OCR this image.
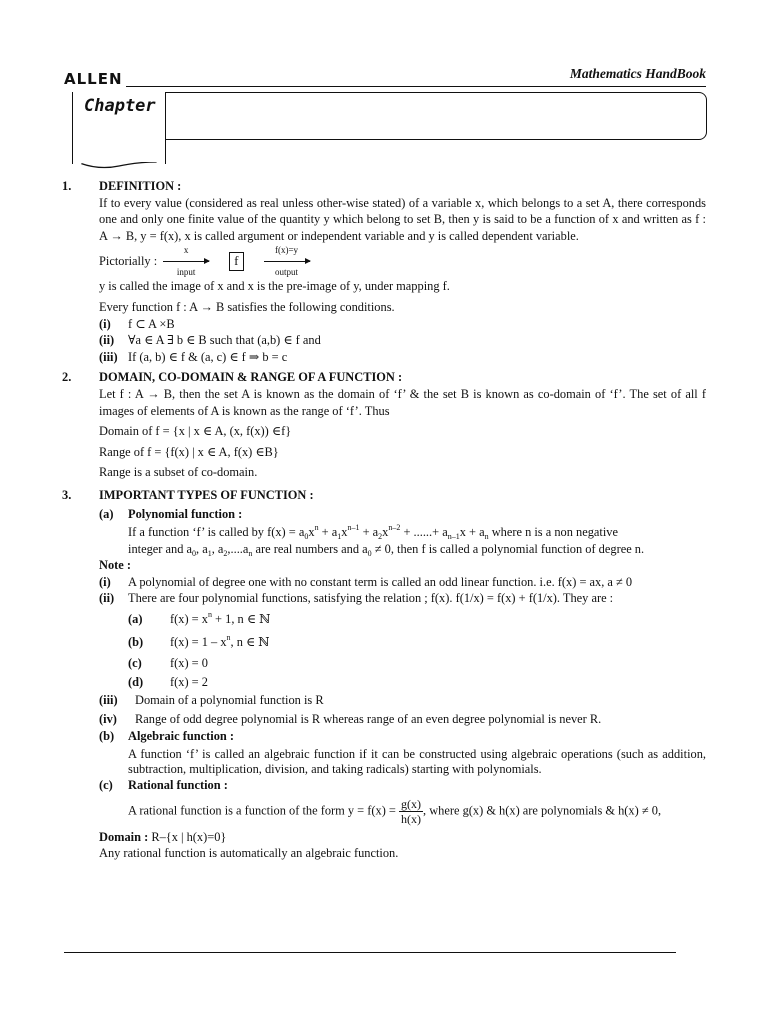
ALLEN	Mathematics HandBook
Chapter
1.	DEFINITION :
If to every value (considered as real unless other-wise stated) of a variable x, which belongs to a set A, there corresponds one and only one finite value of the quantity y which belong to set B, then y is said to be a function of x and written as f : A → B, y = f(x), x is called argument or independent variable and y is called dependent variable.
Pictorially :
x
input
f
f(x)=y
output
y is called the image of x and x is the pre-image of y, under mapping f.
Every function f : A → B satisfies the following conditions.
(i)	f ⊂ A ×B
(ii)	∀a ∈ A ∃ b ∈ B such that (a,b) ∈ f and
(iii) If (a, b) ∈ f & (a, c) ∈ f ⇒ b = c
2.	DOMAIN, CO-DOMAIN & RANGE OF A FUNCTION :
Let f : A → B, then the set A is known as the domain of ‘f’ & the set B is known as co-domain of ‘f’. The set of all f images of elements of A is known as the range of ‘f’. Thus
Domain of f = {x | x ∈ A, (x, f(x)) ∈f}
Range of f = {f(x) | x ∈ A, f(x) ∈B}
Range is a subset of co-domain.
3.	IMPORTANT TYPES OF FUNCTION :
(a)	Polynomial function :
If a function ‘f’ is called by $f(x) = a_0x^n + a_1x^{n-1} + a_2x^{n-2}$ + ......+ $a_{n-1}x + a_n$ where n is a non negative
integer and $a_0$, $a_1$, $a_2,....a_n$ are real numbers and $a_0 \ne 0$, then f is called a polynomial function of degree n.
Note :
(i)	A polynomial of degree one with no constant term is called an odd linear function. i.e. f(x) = ax, a ≠ 0
(ii)	There are four polynomial functions, satisfying the relation ; f(x). f(1/x) = f(x) + f(1/x). They are :
(a)	$f(x) = x^n + 1$, n ∈ ℕ
(b)	$f(x) = 1 - x^n$, n ∈ ℕ
(c)	f(x) = 0
(d)	f(x) = 2
(iii)	Domain of a polynomial function is R
(iv)	Range of odd degree polynomial is R whereas range of an even degree polynomial is never R.
(b)	Algebraic function :
A function ‘f’ is called an algebraic function if it can be constructed using algebraic operations (such as addition, subtraction, multiplication, division, and taking radicals) starting with polynomials.
(c)	Rational function :
A rational function is a function of the form $y = f(x) = \frac{g(x)}{h(x)}$ , where g(x) & h(x) are polynomials & h(x) ≠ 0,
Domain : R–{x | h(x)=0}
Any rational function is automatically an algebraic function.
